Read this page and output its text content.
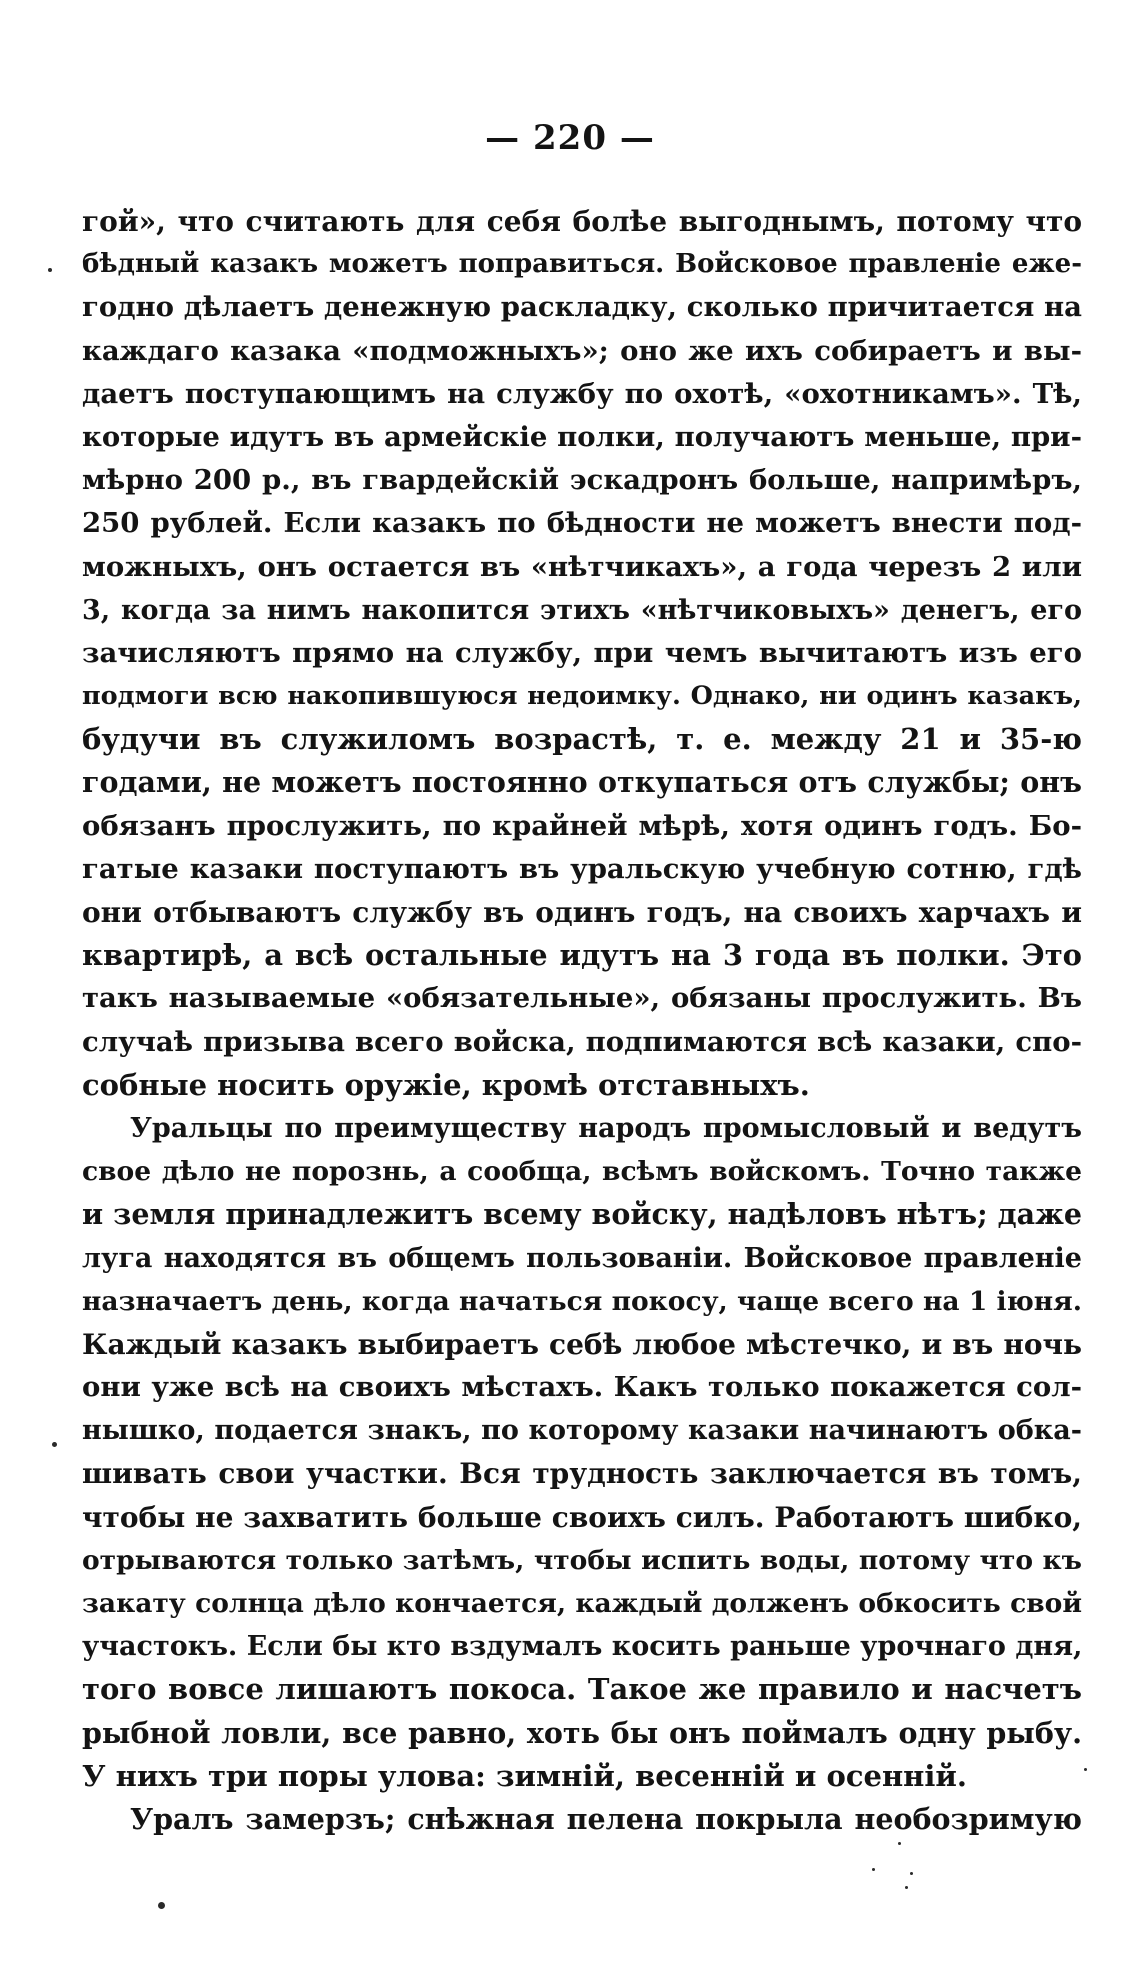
— 220 —
гой», что считають для себя болѣе выгоднымъ, потому что
бѣдный казакъ можетъ поправиться. Войсковое правленіе еже-
годно дѣлаетъ денежную раскладку, сколько причитается на
каждаго казака «подможныхъ»; оно же ихъ собираетъ и вы-
даетъ поступающимъ на службу по охотѣ, «охотникамъ». Тѣ,
которые идутъ въ армейскіе полки, получаютъ меньше, при-
мѣрно 200 р., въ гвардейскій эскадронъ больше, напримѣръ,
250 рублей. Если казакъ по бѣдности не можетъ внести под-
можныхъ, онъ остается въ «нѣтчикахъ», а года черезъ 2 или
3, когда за нимъ накопится этихъ «нѣтчиковыхъ» денегъ, его
зачисляютъ прямо на службу, при чемъ вычитаютъ изъ его
подмоги всю накопившуюся недоимку. Однако, ни одинъ казакъ,
будучи въ служиломъ возрастѣ, т. е. между 21 и 35-ю
годами, не можетъ постоянно откупаться отъ службы; онъ
обязанъ прослужить, по крайней мѣрѣ, хотя одинъ годъ. Бо-
гатые казаки поступаютъ въ уральскую учебную сотню, гдѣ
они отбываютъ службу въ одинъ годъ, на своихъ харчахъ и
квартирѣ, а всѣ остальные идутъ на 3 года въ полки. Это
такъ называемые «обязательные», обязаны прослужить. Въ
случаѣ призыва всего войска, подпимаются всѣ казаки, спо-
собные носить оружіе, кромѣ отставныхъ.
Уральцы по преимуществу народъ промысловый и ведутъ
свое дѣло не порознь, а сообща, всѣмъ войскомъ. Точно также
и земля принадлежитъ всему войску, надѣловъ нѣтъ; даже
луга находятся въ общемъ пользованіи. Войсковое правленіе
назначаетъ день, когда начаться покосу, чаще всего на 1 іюня.
Каждый казакъ выбираетъ себѣ любое мѣстечко, и въ ночь
они уже всѣ на своихъ мѣстахъ. Какъ только покажется сол-
нышко, подается знакъ, по которому казаки начинаютъ обка-
шивать свои участки. Вся трудность заключается въ томъ,
чтобы не захватить больше своихъ силъ. Работаютъ шибко,
отрываются только затѣмъ, чтобы испить воды, потому что къ
закату солнца дѣло кончается, каждый долженъ обкосить свой
участокъ. Если бы кто вздумалъ косить раньше урочнаго дня,
того вовсе лишаютъ покоса. Такое же правило и насчетъ
рыбной ловли, все равно, хоть бы онъ поймалъ одну рыбу.
У нихъ три поры улова: зимній, весенній и осенній.
Уралъ замерзъ; снѣжная пелена покрыла необозримую
